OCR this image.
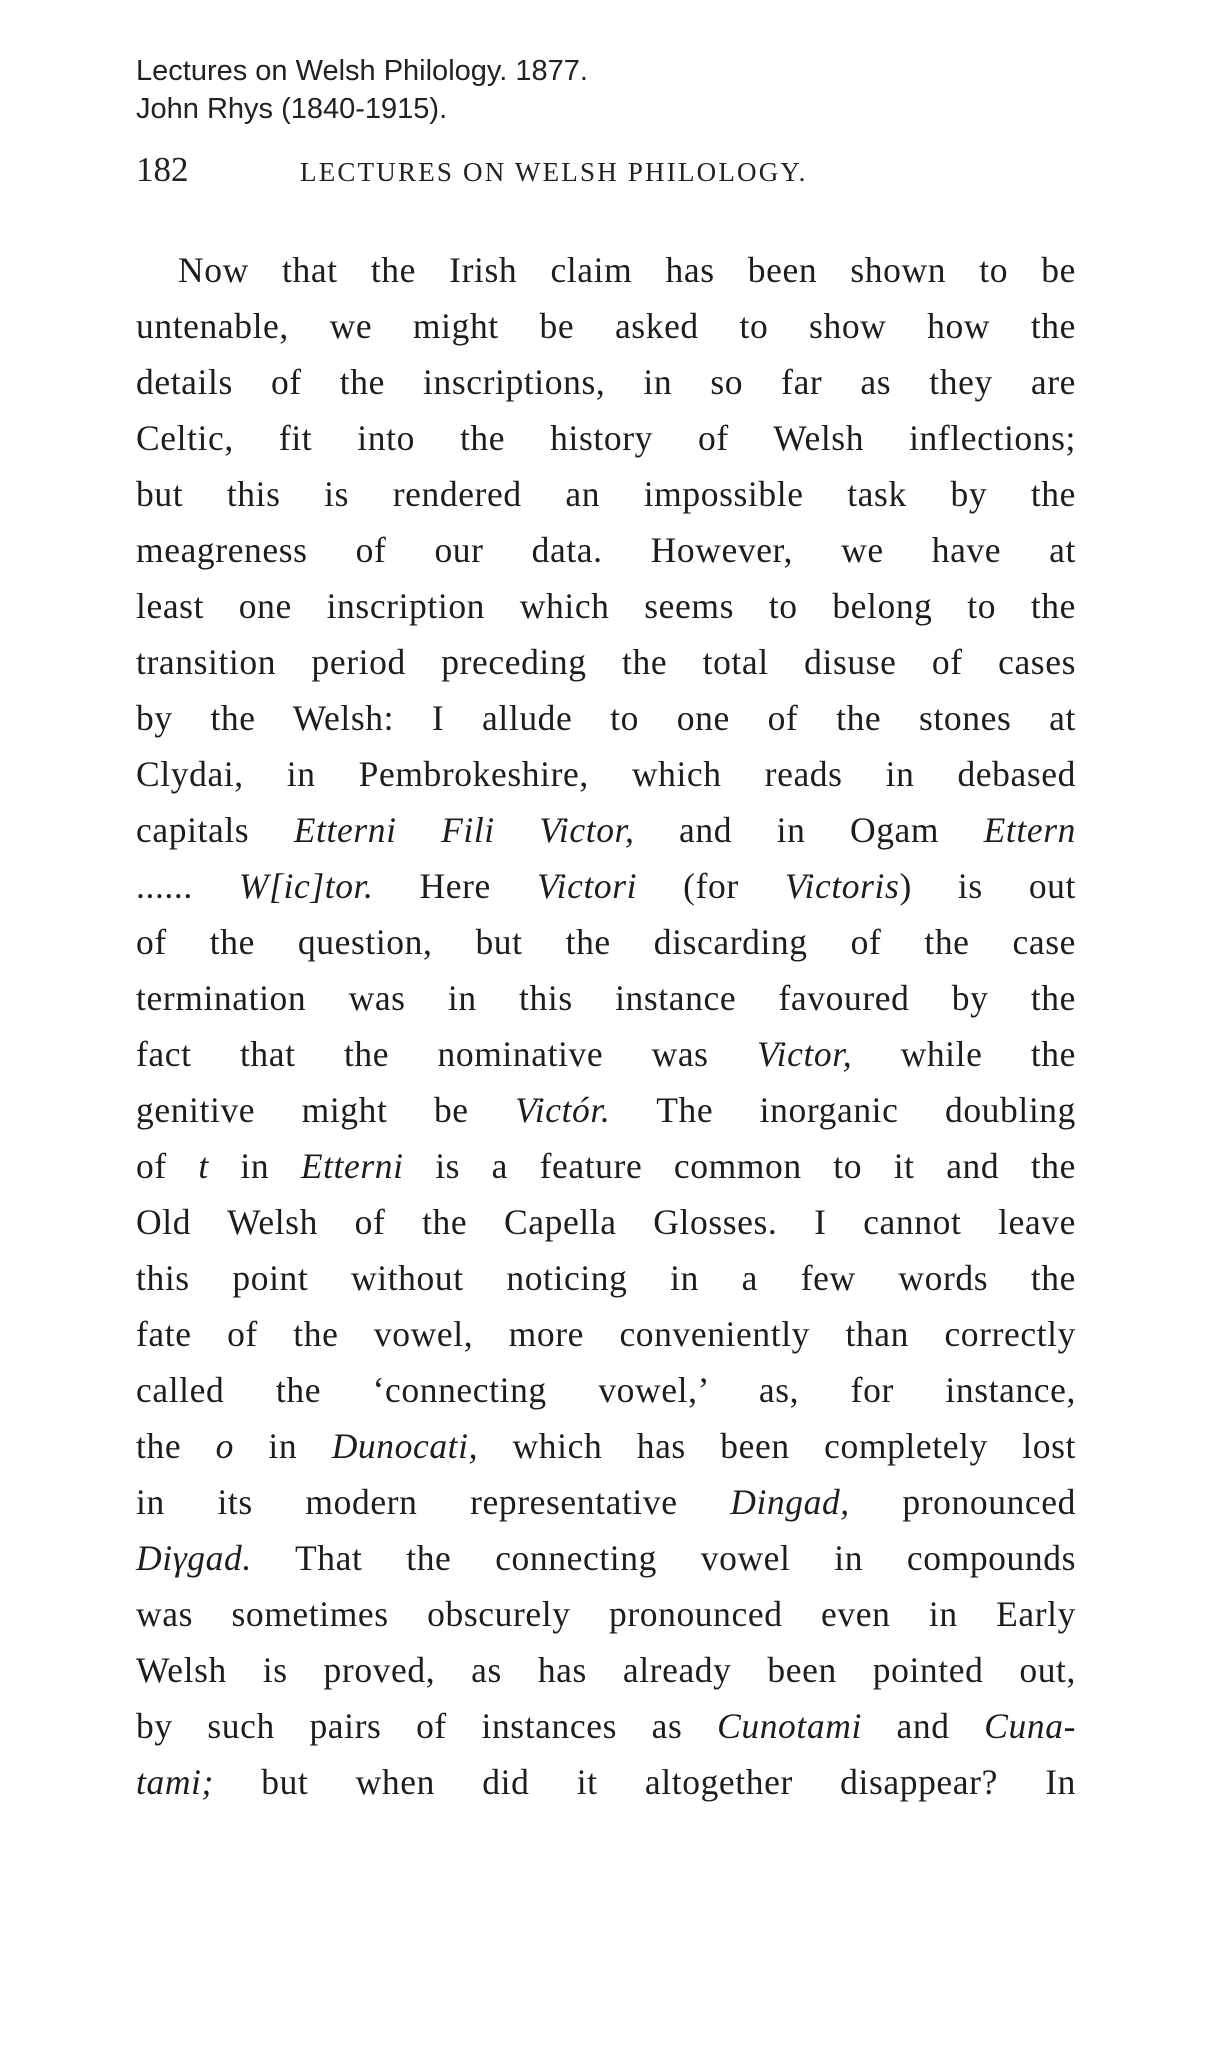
Lectures on Welsh Philology. 1877.
John Rhys (1840-1915).
182	LECTURES ON WELSH PHILOLOGY.
Now that the Irish claim has been shown to be
untenable, we might be asked to show how the
details of the inscriptions, in so far as they are
Celtic, fit into the history of Welsh inflections;
but this is rendered an impossible task by the
meagreness of our data. However, we have at
least one inscription which seems to belong to the
transition period preceding the total disuse of cases
by the Welsh: I allude to one of the stones at
Clydai, in Pembrokeshire, which reads in debased
capitals Etterni Fili Victor, and in Ogam Ettern
...... W[ic]tor. Here Victori (for Victoris) is out
of the question, but the discarding of the case
termination was in this instance favoured by the
fact that the nominative was Victor, while the
genitive might be Victór. The inorganic doubling
of t in Etterni is a feature common to it and the
Old Welsh of the Capella Glosses. I cannot leave
this point without noticing in a few words the
fate of the vowel, more conveniently than correctly
called the ‘connecting vowel,’ as, for instance,
the o in Dunocati, which has been completely lost
in its modern representative Dingad, pronounced
Diγgad. That the connecting vowel in compounds
was sometimes obscurely pronounced even in Early
Welsh is proved, as has already been pointed out,
by such pairs of instances as Cunotami and Cuna-
tami; but when did it altogether disappear? In
